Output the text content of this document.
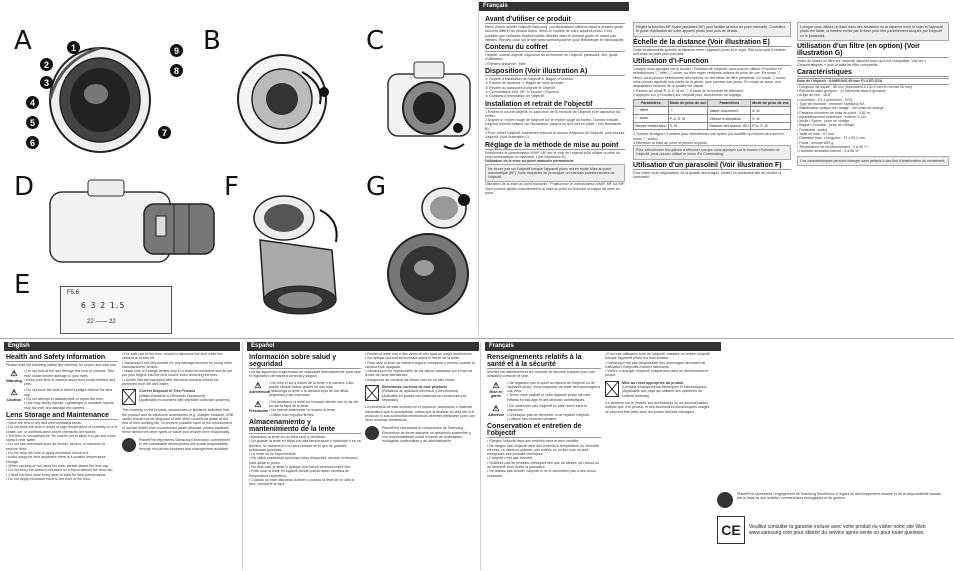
A	B	C
D	F	G
E
1
2
3
4
5
6
7
9
8
F5.6
6 3 2 1.5
22 —— 22
Français
Avant d'utiliser ce produit
Merci d'avoir acheté l'objectif Samsung. Les illustrations utilisées dans le présent guide peuvent différer du produit fourni. Selon le modèle de votre appareil photo, il est possible que certaines fonctionnalités décrites dans le présent guide ne soient pas offertes. Rendez-vous sur le site www.samsung.com/fr pour télécharger le micrologiciel.
Contenu du coffret
Objectif, couvre-objectif, capuchon de la monture de l'objectif, parasoleil, étui, guide d'utilisation
• Élément optionnel : filtre
Disposition (Voir illustration A)
① Repère d'installation de l'objectif ⑥ Bague i-Function
② Échelle de distance ⑦ Bague de mise au point
③ Repère du parasoleil d'objectif ⑧ Objectif
④ Commutateur A/M, MF ⑨ Touche i-Function
⑤ Contacts d'information de l'objectif
Installation et retrait de l'objectif
1 Retirez le couvre-objectif, le capuchon de la monture de l'objectif et le capuchon du boîtier.
2 Alignez le repère rouge de l'objectif sur le repère rouge du boîtier. Tournez ensuite l'objectif comme indiqué sur l'illustration, jusqu'à ce qu'il soit en place. (Voir illustration B)
3 Pour retirer l'objectif, maintenez enfoncé le bouton d'éjection de l'objectif, puis tournez l'objectif. (Voir illustration C)
Réglage de la méthode de mise au point
Positionnez le commutateur A/M/F, MF sur le côté de l'objectif pour utiliser la mise au point automatique ou manuelle. (Voir illustration D)
Utilisation de la mise au point manuelle permanente
Ne forcez pas sur l'objectif lorsque l'appareil photo est en mode Mise au point automatique (AF). Vous risqueriez de provoquer un mauvais fonctionnement de l'objectif.
Utilisation de la mise au point manuelle : Positionnez le commutateur A/M/F, MF sur MF. Vous pouvez ajuster manuellement la mise au point en tournant la bague de mise au point.
Réglez la fonction MF Assist (assistant MF) pour faciliter la mise au point manuelle. Consultez le guide d'utilisation de votre appareil photo pour plus de détails.
Échelle de la distance (Voir illustration E)
Cette fonctionnalité spécifie la distance entre l'appareil photo et le sujet. Elle vous aide à réaliser une mise au point plus précises.
Utilisation d'i-Function
Lorsque vous appuyez sur le bouton i-Function de l'objectif, vous pouvez utiliser i-Function en sélectionnant ⓘ effet, ⓘ zoom, ou bien régler certaines options de prise de vue. En mode ⓘ effect, vous pouvez sélectionner des scènes ou des effets de filtre prédéfinis. En mode ⓘ zoom, vous pouvez agrandir une partie de la photo, puis prendre une photo. En mode de zoom, une dégradation moindre de la qualité est visible.
1 Passez au mode P, A, S, M ou ⓘ à l'aide de la molette de sélection.
2 Appuyez sur [i-Function] sur l'objectif pour sélectionner un réglage.
Paramètres	Mode de prise de vue	Paramètres	Mode de prise de vue
ⓘ effect	ⓘ	Valeur d'ouverture	A, M
ⓘ zoom	P, A, S, M	Vitesse d'obturation	S, M
Vitesse d'obturation	S, M	Balance des blancs, ISO	P, A, S, M
3 Tournez la bague i-Function pour sélectionner une option (ou modifier la révision de zoom en mode ⓘ zoom).
4 Effectuez la mise au point et prenez la photo.
Pour sélectionner les options à effectuer lorsque vous appuyez sur le bouton i-Function de l'objectif, vous pouvez utiliser le menu iFn Customizing.
Utilisation d'un parasoleil (Voir illustration F)
Pour éviter toute dégradation de la qualité des images, utilisez un parasoleil afin de réduire la luminosité.
Lorsque vous utilisez un flash dans des situations où la distance entre le sujet et l'appareil photo est faible, la lumière émise par le flash peut être partiellement bloquée par l'objectif ou le parasoleil.
Utilisation d'un filtre (en option) (Voir illustration G)
Avant de placer un filtre sur l'objectif, assurez-vous qu'il est compatible. Voir les « Caractéristiques » pour la taille de filtre compatible.
Caractéristiques
Nom de l'objectif : SAMSUNG 85 mm F1.4 ED SSA
• Longueur de focale : 85 mm (équivalent à 130,9 mm en format 35 mm)
• Éléments dans groupes : 10 éléments dans 8 groupes
• Angle de vue : 18,8°
• Ouverture : f/1.4 (minimum : f/22)
• Type de monture : monture Samsung NX
• Stabilisation optique de l'image : non prise en charge
• Distance minimum de mise au point : 0,82 m
• Agrandissement maximum : environ 0,11X
• Mode i-Scène : prise en charge
• Bague i-Function : prise en charge
• Parasoleil : inclus
• Taille de filtre : 67 mm
• Diamètre max. x longueur : 79 x 93,2 mm
• Poids : environ 659 g
• Température de fonctionnement : 0 à 40 °C
• Humidité ambiante tolérée : 5 à 85 %
Ces caractéristiques peuvent changer sans préavis à des fins d'amélioration du rendement.
English
Health and Safety Information
Please read the following safety tips carefully for proper and safe use.
⚠
Warning
• Do not look at the sun through the lens or camera. This may cause severe damage to your eyes.
• Keep your lens or camera away from small children and pets.
⚠
Caution
• Do not store the lens in direct sunlight without the lens cap.
• Do not attempt to disassemble or repair the lens.
• Use only sturdy tripods. Lightweight or unstable tripods may fall over and damage the camera.
Lens Storage and Maintenance
• Store the lens in dry and well ventilated areas.
• Do not store the lens in areas of high temperature or humidity or in a closet, car, or confined area where chemicals are stored.
• The lens is not waterproof. Be careful not to allow it to get wet when using it near water.
• Do not use chemicals such as thinner, alcohol, or benzene to remove dust.
• Do not drop the lens or apply excessive shock to it.
• Avoid using the lens anywhere there is a sudden temperature change.
• When carrying or not using the lens, please attach the lens cap.
• Do not keep the camera mounted on a tripod without the lens cap.
• Check the lens once every year at least for best performance.
• Do not apply excessive force to the front of the lens.
• For safe use of the lens, mount or dismount the lens while the camera is turned off.
• Samsung is not responsible for any damage incurred by using other manufacturers' lenses.
• Make sure to change lenses only in a clean environment and do not put your fingers into the lens mount when removing the lens.
• Lenses that are equipped with electrical contacts should be protected from dirt and water.
Correct Disposal of This Product
(Waste Electrical & Electronic Equipment)
(Applicable in countries with separate collection systems)
This marking on the product, accessories or literature indicates that the product and its electronic accessories (e.g. charger, headset, USB cable) should not be disposed of with other household waste at the end of their working life. To prevent possible harm to the environment or human health from uncontrolled waste disposal, please separate these items from other types of waste and recycle them responsibly.
PlanetFirst represents Samsung Electronics' commitment to the sustainable development and social responsibility through eco-driven business and management activities.
Español
Información sobre salud y seguridad
Lea las siguientes sugerencias de seguridad detenidamente para usar el dispositivo de manera correcta y segura.
⚠
Advertencia
• No mire el sol a través de la lente o la cámara. Esto puede causar daños graves en sus ojos.
• Mantenga la lente o la cámara lejos de los niños pequeños y las mascotas.
⚠
Precaución
• No almacene la lente en contacto directo con la luz del sol sin la tapa de la lente.
• No intente desmontar ni reparar la lente.
• Utilice sólo trípodes firmes.
Almacenamiento y mantenimiento de la lente
• Almacene la lente en un área seca y ventilada.
• No guarde la lente en sitios con alta temperatura o humedad o en un armario, un automóvil o un sitio cerrado en el que se guarden sustancias químicas.
• La lente no es impermeable.
• No utilice sustancias químicas como diluyentes, alcohol ni benceno para quitar el polvo.
• No deje caer la lente ni aplique una fuerza excesiva sobre ella.
• Evite usar la lente en lugares donde pueda haber cambios de temperatura repentinos.
• Cuando no esté utilizando la lente o cuando la lleve de un sitio a otro, colóquele la tapa.
• Revise la lente una o dos veces al año para un mejor rendimiento.
• No aplique una fuerza excesiva sobre el frente de la lente.
• Para usar la lente de manera segura, colóquela o retírela cuando la cámara esté apagada.
• Samsung no es responsable de los daños causados por el uso de lentes de otros fabricantes.
• Asegúrese de cambiar las lentes solo en un sitio limpio.
Eliminación correcta de este producto
(Residuos de aparatos eléctricos y electrónicos)
(Aplicable en países con sistemas de recolección por separado)
La presencia de este símbolo en el producto, accesorios o material informativo que lo acompañan, indica que al finalizar su vida útil ni el producto ni sus accesorios electrónicos deberán eliminarse junto con otros residuos domésticos.
PlanetFirst representa el compromiso de Samsung Electronics de llevar adelante un desarrollo sostenible y con responsabilidad social a través de actividades ecológicas comerciales y de administración.
Français
Renseignements relatifs à la santé et à la sécurité
Veuillez lire attentivement les conseils de sécurité suivants pour une utilisation correcte et sûre.
⚠
Mise en garde
• Ne regardez pas le soleil au travers de l'objectif ou de l'appareil photo. Vous risqueriez de subir des dommages à vos yeux.
• Tenez votre objectif et votre appareil photo loin des enfants en bas âge et des animaux domestiques.
⚠
Attention
• Ne conservez pas l'objectif en plein soleil sans le capuchon.
• N'essayez pas de démonter ni de réparer l'objectif.
• Utilisez des trépieds robustes.
Conservation et entretien de l'objectif
• Rangez l'objectif dans des endroits secs et bien ventilés.
• Ne rangez pas l'objectif dans des endroits à température ou humidité élevées, ou dans un placard, une voiture ou un lieu clos où sont entreposés des produits chimiques.
• L'objectif n'est pas étanche.
• N'utilisez pas de produits chimiques tels que du diluant, de l'alcool ou du benzène pour retirer la poussière.
• Ne laissez pas tomber l'objectif et ne le soumettez pas à des chocs excessifs.
• Pour une utilisation sûre de l'objectif, installez ou retirez l'objectif lorsque l'appareil photo est hors tension.
• Samsung n'est pas responsable des dommages découlant de l'utilisation d'objectifs d'autres fabricants.
• Veillez à changer d'objectif uniquement dans un environnement propre.
Mise au rebut appropriée du produit
(Déchets d'équipements électriques et électroniques)
(Applicable aux pays qui utilisent des systèmes de collecte distincts)
Ce symbole sur le produit, ses accessoires ou sa documentation indique que ni le produit, ni ses accessoires électroniques usagés ne peuvent être jetés avec les autres déchets ménagers.
PlanetFirst représente l'engagement de Samsung Electronics à l'égard du développement durable et de la responsabilité sociale par le biais de ses activités commerciales écologiques et de gestion.
CE	Veuillez consulter la garantie incluse avec votre produit ou visiter notre site Web www.samsung.com pour obtenir du service après-vente ou pour toute question.
